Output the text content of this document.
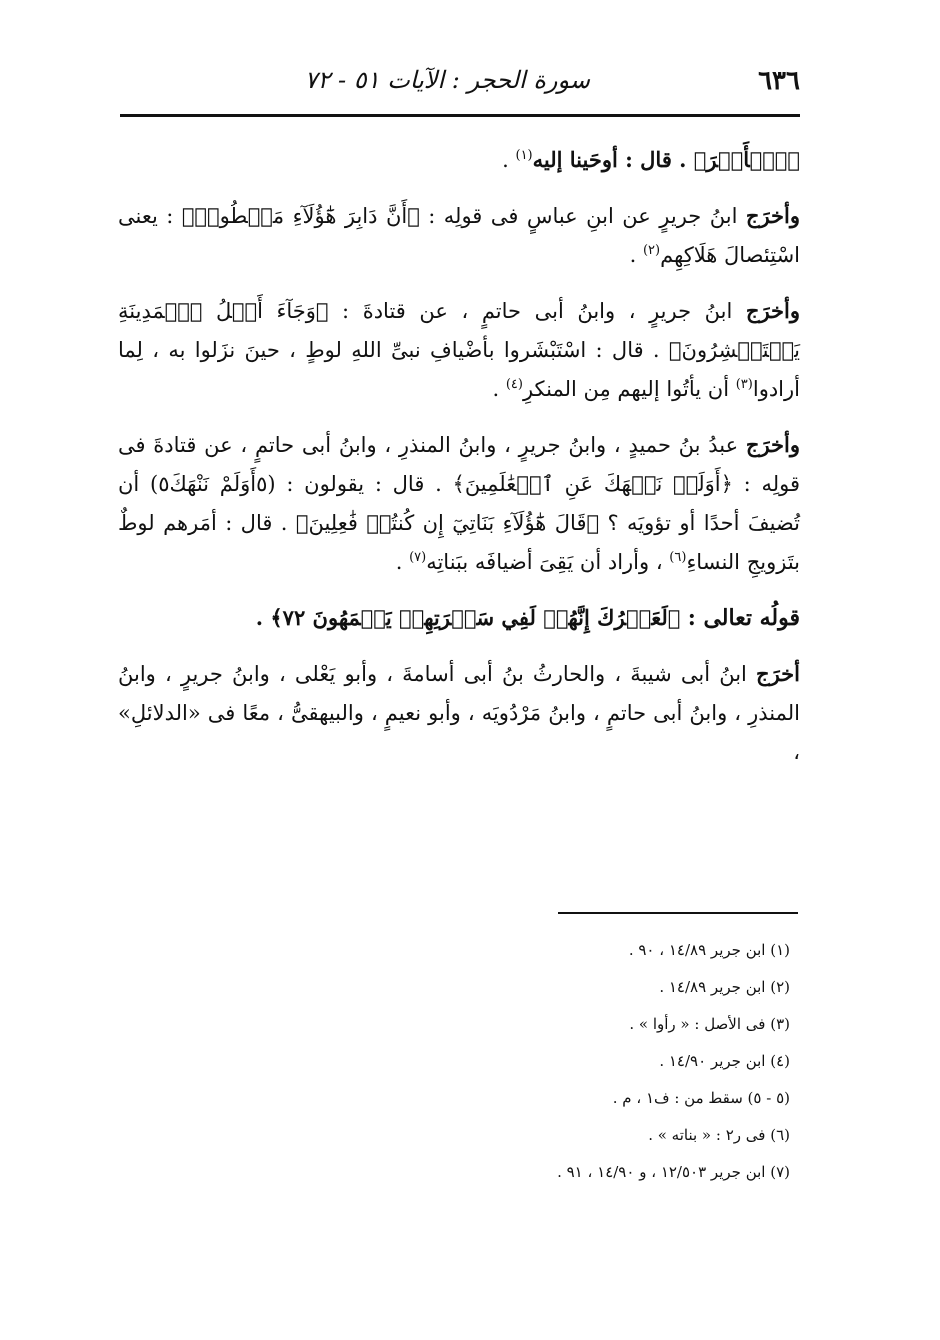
٦٣٦
سورة الحجر : الآيات ٥١ - ٧٢

﴿ٱلۡأَمۡرَ﴾ . قال : أوحَينا إليه$^{(١)}$ .

وأخرَج ابنُ جريرٍ عن ابنِ عباسٍ فى قولِه : ﴿أَنَّ دَابِرَ هَٰٓؤُلَآءِ مَقۡطُوعٞ﴾ : يعنى اسْتِئصالَ هَلَاكِهِم$^{(٢)}$ .

وأخرَج ابنُ جريرٍ ، وابنُ أبى حاتمٍ ، عن قتادةَ : ﴿وَجَآءَ أَهۡلُ ٱلۡمَدِينَةِ يَسۡتَبۡشِرُونَ﴾ . قال : اسْتَبْشَروا بأضْيافِ نبىِّ اللهِ لوطٍ ، حينَ نزَلوا به ، لِما أرادوا$^{(٣)}$ أن يأتُوا إليهم مِن المنكرِ$^{(٤)}$ .

وأخرَج عبدُ بنُ حميدٍ ، وابنُ جريرٍ ، وابنُ المنذرِ ، وابنُ أبى حاتمٍ ، عن قتادةَ فى قولِه : ﴿أَوَلَمۡ نَنۡهَكَ عَنِ ٱلۡعَٰلَمِينَ﴾ . قال : يقولون : ‏(٥أَوَلَمْ نَنْهَكَ٥)‏ أن تُضيفَ أحدًا أو تؤويَه ؟ ﴿قَالَ هَٰٓؤُلَآءِ بَنَاتِيٓ إِن كُنتُمۡ فَٰعِلِينَ﴾ . قال : أمَرهم لوطٌ بتَزويجِ النساءِ$^{(٦)}$ ، وأراد أن يَقِىَ أضيافَه ببَناتِه$^{(٧)}$ .

قولُه تعالى : ﴿لَعَمۡرُكَ إِنَّهُمۡ لَفِي سَكۡرَتِهِمۡ يَعۡمَهُونَ ٧٢﴾ .

أخرَج ابنُ أبى شيبةَ ، والحارثُ بنُ أبى أسامةَ ، وأبو يَعْلى ، وابنُ جريرٍ ، وابنُ المنذرِ ، وابنُ أبى حاتمٍ ، وابنُ مَرْدُويَه ، وأبو نعيمٍ ، والبيهقىُّ ، معًا فى «الدلائلِ» ،

(١) ابن جرير ١٤/٨٩ ، ٩٠ .

(٢) ابن جرير ١٤/٨٩ .

(٣) فى الأصل : « رأوا » .

(٤) ابن جرير ١٤/٩٠ .

(٥ - ٥) سقط من : ف١ ، م .

(٦) فى ر٢ : « بناته » .

(٧) ابن جرير ١٢/٥٠٣ ، و ١٤/٩٠ ، ٩١ .
